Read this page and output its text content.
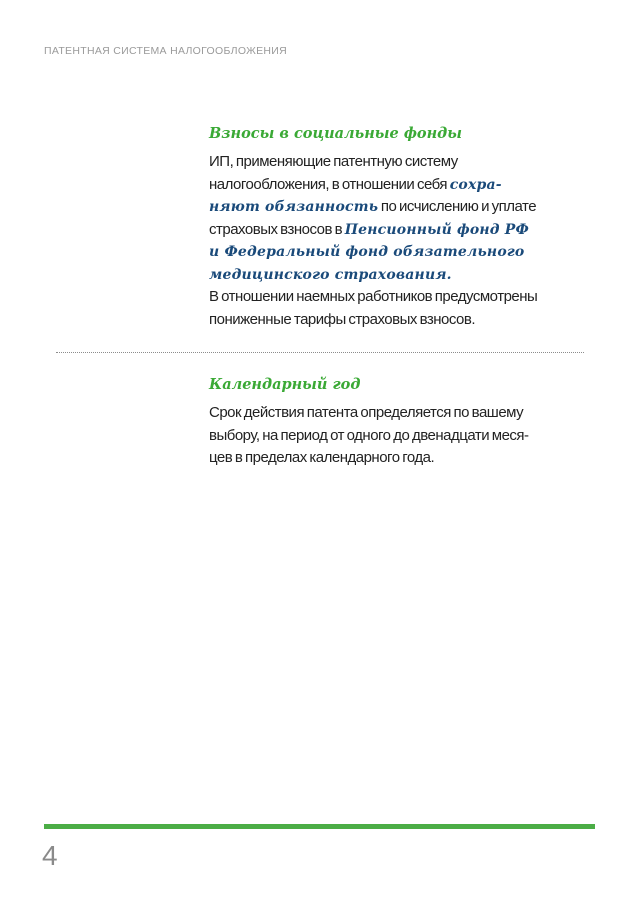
ПАТЕНТНАЯ СИСТЕМА НАЛОГООБЛОЖЕНИЯ
Взносы в социальные фонды
ИП, применяющие патентную систему
налогообложения, в отношении себя сохра-
няют обязанность по исчислению и уплате
страховых взносов в Пенсионный фонд РФ
и Федеральный фонд обязательного
медицинского страхования.
В отношении наемных работников предусмотрены
пониженные тарифы страховых взносов.
Календарный год
Срок действия патента определяется по вашему
выбору, на период от одного до двенадцати меся-
цев в пределах календарного года.
4
